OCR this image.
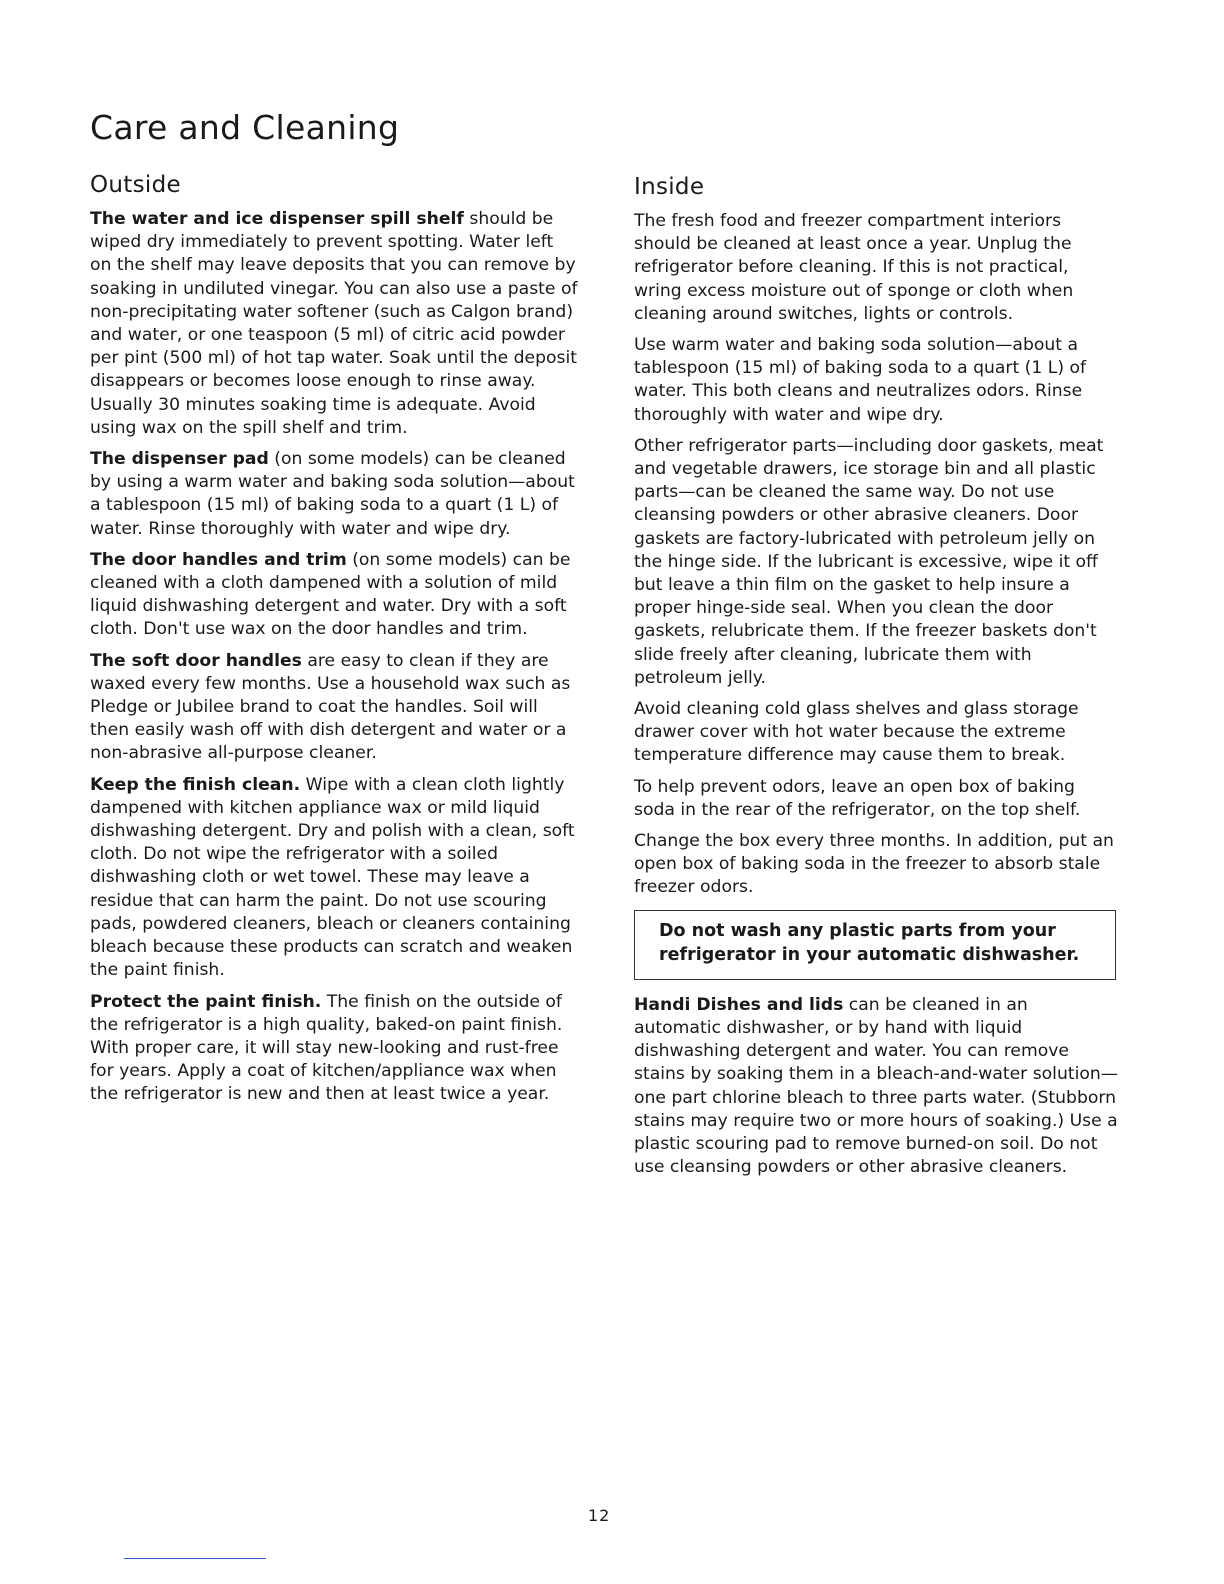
Care and Cleaning
Outside

The water and ice dispenser spill shelf should be wiped dry immediately to prevent spotting. Water left on the shelf may leave deposits that you can remove by soaking in undiluted vinegar. You can also use a paste of non-precipitating water softener (such as Calgon brand) and water, or one teaspoon (5 ml) of citric acid powder per pint (500 ml) of hot tap water. Soak until the deposit disappears or becomes loose enough to rinse away. Usually 30 minutes soaking time is adequate. Avoid using wax on the spill shelf and trim.

The dispenser pad (on some models) can be cleaned by using a warm water and baking soda solution—about a tablespoon (15 ml) of baking soda to a quart (1 L) of water. Rinse thoroughly with water and wipe dry.

The door handles and trim (on some models) can be cleaned with a cloth dampened with a solution of mild liquid dishwashing detergent and water. Dry with a soft cloth. Don't use wax on the door handles and trim.

The soft door handles are easy to clean if they are waxed every few months. Use a household wax such as Pledge or Jubilee brand to coat the handles. Soil will then easily wash off with dish detergent and water or a non-abrasive all-purpose cleaner.

Keep the finish clean. Wipe with a clean cloth lightly dampened with kitchen appliance wax or mild liquid dishwashing detergent. Dry and polish with a clean, soft cloth. Do not wipe the refrigerator with a soiled dishwashing cloth or wet towel. These may leave a residue that can harm the paint. Do not use scouring pads, powdered cleaners, bleach or cleaners containing bleach because these products can scratch and weaken the paint finish.

Protect the paint finish. The finish on the outside of the refrigerator is a high quality, baked-on paint finish. With proper care, it will stay new-looking and rust-free for years. Apply a coat of kitchen/appliance wax when the refrigerator is new and then at least twice a year.

Inside

The fresh food and freezer compartment interiors should be cleaned at least once a year. Unplug the refrigerator before cleaning. If this is not practical, wring excess moisture out of sponge or cloth when cleaning around switches, lights or controls.

Use warm water and baking soda solution—about a tablespoon (15 ml) of baking soda to a quart (1 L) of water. This both cleans and neutralizes odors. Rinse thoroughly with water and wipe dry.

Other refrigerator parts—including door gaskets, meat and vegetable drawers, ice storage bin and all plastic parts—can be cleaned the same way. Do not use cleansing powders or other abrasive cleaners. Door gaskets are factory-lubricated with petroleum jelly on the hinge side. If the lubricant is excessive, wipe it off but leave a thin film on the gasket to help insure a proper hinge-side seal. When you clean the door gaskets, relubricate them. If the freezer baskets don't slide freely after cleaning, lubricate them with petroleum jelly.

Avoid cleaning cold glass shelves and glass storage drawer cover with hot water because the extreme temperature difference may cause them to break.

To help prevent odors, leave an open box of baking soda in the rear of the refrigerator, on the top shelf.

Change the box every three months. In addition, put an open box of baking soda in the freezer to absorb stale freezer odors.

Do not wash any plastic parts from your refrigerator in your automatic dishwasher.

Handi Dishes and lids can be cleaned in an automatic dishwasher, or by hand with liquid dishwashing detergent and water. You can remove stains by soaking them in a bleach-and-water solution—one part chlorine bleach to three parts water. (Stubborn stains may require two or more hours of soaking.) Use a plastic scouring pad to remove burned-on soil. Do not use cleansing powders or other abrasive cleaners.

12
